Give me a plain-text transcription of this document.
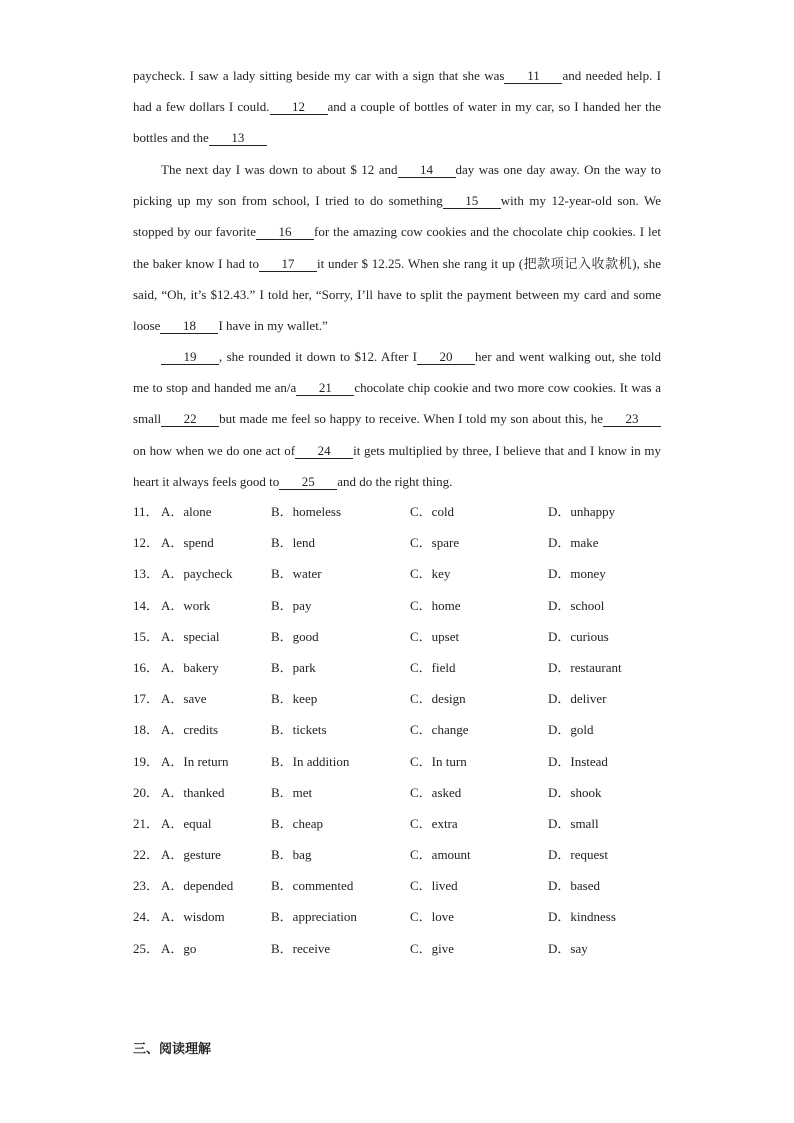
paycheck. I saw a lady sitting beside my car with a sign that she was 11 and needed help. I had a few dollars I could. 12 and a couple of bottles of water in my car, so I handed her the bottles and the 13

The next day I was down to about $ 12 and 14 day was one day away. On the way to picking up my son from school, I tried to do something 15 with my 12-year-old son. We stopped by our favorite 16 for the amazing cow cookies and the chocolate chip cookies. I let the baker know I had to 17 it under $ 12.25. When she rang it up (把款项记入收款机), she said, “Oh, it’s $12.43.” I told her, “Sorry, I’ll have to split the payment between my card and some loose 18 I have in my wallet.”

19 , she rounded it down to $12. After I 20 her and went walking out, she told me to stop and handed me an/a 21 chocolate chip cookie and two more cow cookies. It was a small 22 but made me feel so happy to receive. When I told my son about this, he 23on how when we do one act of 24 it gets multiplied by three, I believe that and I know in my heart it always feels good to 25 and do the right thing.

11． A．alone	B．homeless	C．cold	D．unhappy
12． A．spend	B．lend	C．spare	D．make
13． A．paycheck	B．water	C．key	D．money
14． A．work	B．pay	C．home	D．school
15． A．special	B．good	C．upset	D．curious
16． A．bakery	B．park	C．field	D．restaurant
17． A．save	B．keep	C．design	D．deliver
18． A．credits	B．tickets	C．change	D．gold
19． A．In return	B．In addition	C．In turn	D．Instead
20． A．thanked	B．met	C．asked	D．shook
21． A．equal	B．cheap	C．extra	D．small
22． A．gesture	B．bag	C．amount	D．request
23． A．depended	B．commented	C．lived	D．based
24． A．wisdom	B．appreciation	C．love	D．kindness
25． A．go	B．receive	C．give	D．say
三、阅读理解
